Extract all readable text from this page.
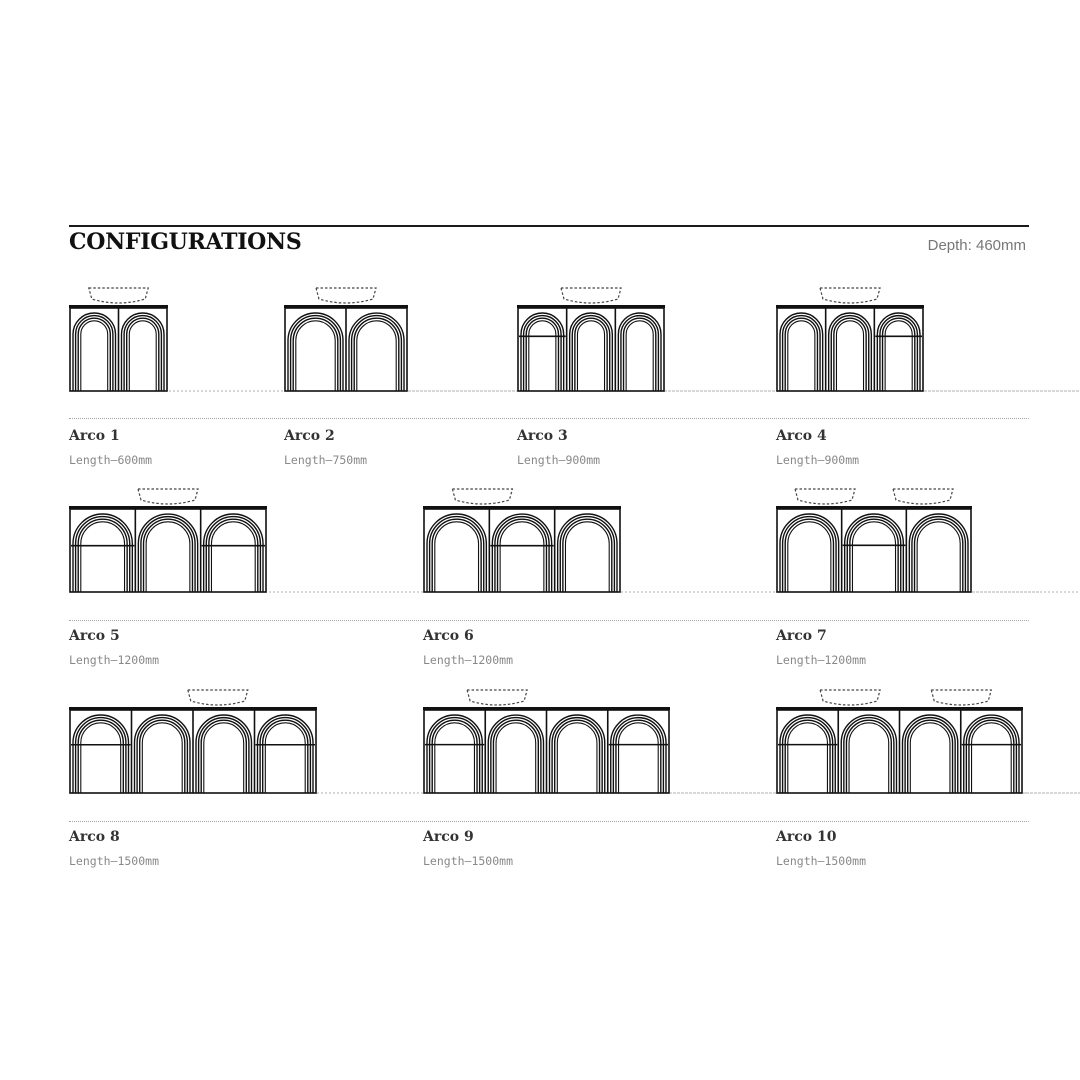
CONFIGURATIONS	Depth: 460mm
Arco 1
Length–600mm
Arco 2
Length–750mm
Arco 3
Length–900mm
Arco 4
Length–900mm
Arco 5
Length–1200mm
Arco 6
Length–1200mm
Arco 7
Length–1200mm
Arco 8
Length–1500mm
Arco 9
Length–1500mm
Arco 10
Length–1500mm
